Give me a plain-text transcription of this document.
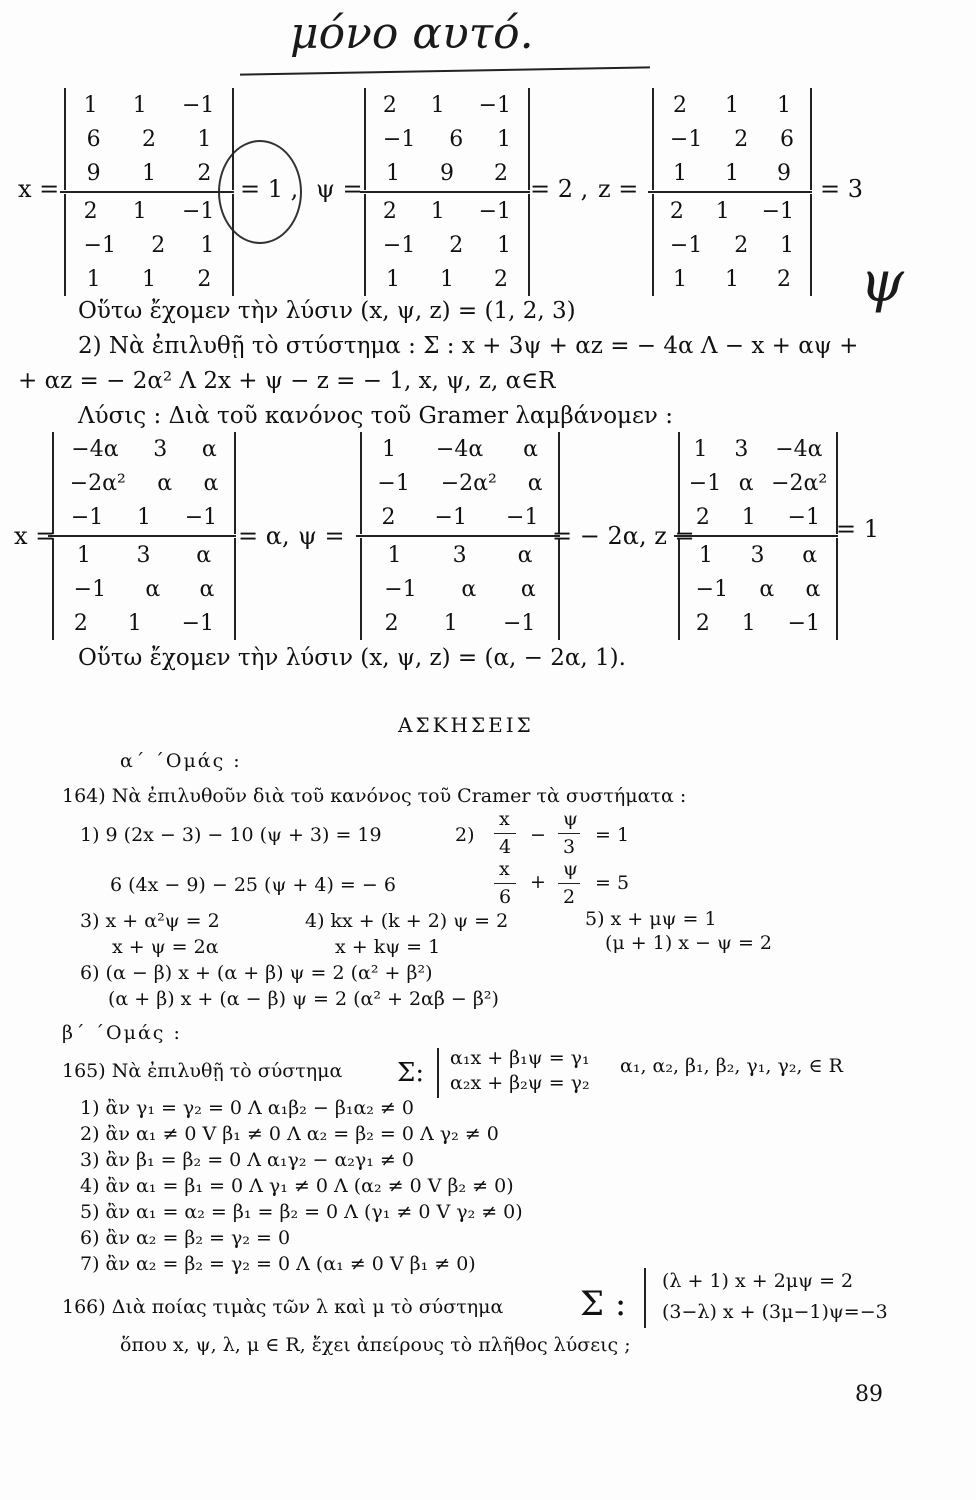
μόνο αυτό.
ψ
Οὕτω ἔχομεν τὴν λύσιν (x, ψ, z) = (1, 2, 3)
2) Νὰ ἐπιλυθῇ τὸ στύστημα : Σ : x + 3ψ + αz = − 4α Λ − x + αψ +
+ αz = − 2α² Λ 2x + ψ − z = − 1, x, ψ, z, α∈R
Λύσις : Διὰ τοῦ κανόνος τοῦ Gramer λαμβάνομεν :
Οὕτω ἔχομεν τὴν λύσιν (x, ψ, z) = (α, − 2α, 1).
ΑΣΚΗΣΕΙΣ
α΄ ΄Ομάς :
164) Νὰ ἐπιλυθοῦν διὰ τοῦ κανόνος τοῦ Cramer τὰ συστήματα :
1) 9 (2x − 3) − 10 (ψ + 3) = 19
6 (4x − 9) − 25 (ψ + 4) = − 6
2)
x
4
−
ψ
3
= 1
x
6
+
ψ
2
= 5
3) x + α²ψ = 2
x + ψ = 2α
4) kx + (k + 2) ψ = 2
x + kψ = 1
5) x + μψ = 1
(μ + 1) x − ψ = 2
6) (α − β) x + (α + β) ψ = 2 (α² + β²)
(α + β) x + (α − β) ψ = 2 (α² + 2αβ − β²)
β΄ ΄Ομάς :
165) Νὰ ἐπιλυθῇ τὸ σύστημα Σ: α₁x + β₁ψ = γ₁
α₂x + β₂ψ = γ₂
α₁, α₂, β₁, β₂, γ₁, γ₂, ∈ R
1) ἂν γ₁ = γ₂ = 0 Λ α₁β₂ − β₁α₂ ≠ 0
2) ἂν α₁ ≠ 0 V β₁ ≠ 0 Λ α₂ = β₂ = 0 Λ γ₂ ≠ 0
3) ἂν β₁ = β₂ = 0 Λ α₁γ₂ − α₂γ₁ ≠ 0
4) ἂν α₁ = β₁ = 0 Λ γ₁ ≠ 0 Λ (α₂ ≠ 0 V β₂ ≠ 0)
5) ἂν α₁ = α₂ = β₁ = β₂ = 0 Λ (γ₁ ≠ 0 V γ₂ ≠ 0)
6) ἂν α₂ = β₂ = γ₂ = 0
7) ἂν α₂ = β₂ = γ₂ = 0 Λ (α₁ ≠ 0 V β₁ ≠ 0)
166) Διὰ ποίας τιμὰς τῶν λ καὶ μ τὸ σύστημα Σ :
(λ + 1) x + 2μψ = 2
(3−λ) x + (3μ−1)ψ=−3
ὅπου x, ψ, λ, μ ∈ R, ἔχει ἀπείρους τὸ πλῆθος λύσεις ;
89
1 1 −1
6 2 1
9 1 2
2 1 −1
−1 2 1
1 1 2
2 1 −1
−1 6 1
1 9 2
2 1 −1
−1 2 1
1 1 2
2 1 1
−1 2 6
1 1 9
2 1 −1
−1 2 1
1 1 2
x =	= 1 , ψ =	= 2 , z =	= 3
−4α 3 α
−2α² α α
−1 1 −1
1 3 α
−1 α α
2 1 −1
1 −4α α
−1 −2α² α
2 −1 −1
1 3 α
−1 α α
2 1 −1
1 3 −4α
−1 α −2α²
2 1 −1
1 3 α
−1 α α
2 1 −1
x =	= α, ψ =	= − 2α, z =	= 1
